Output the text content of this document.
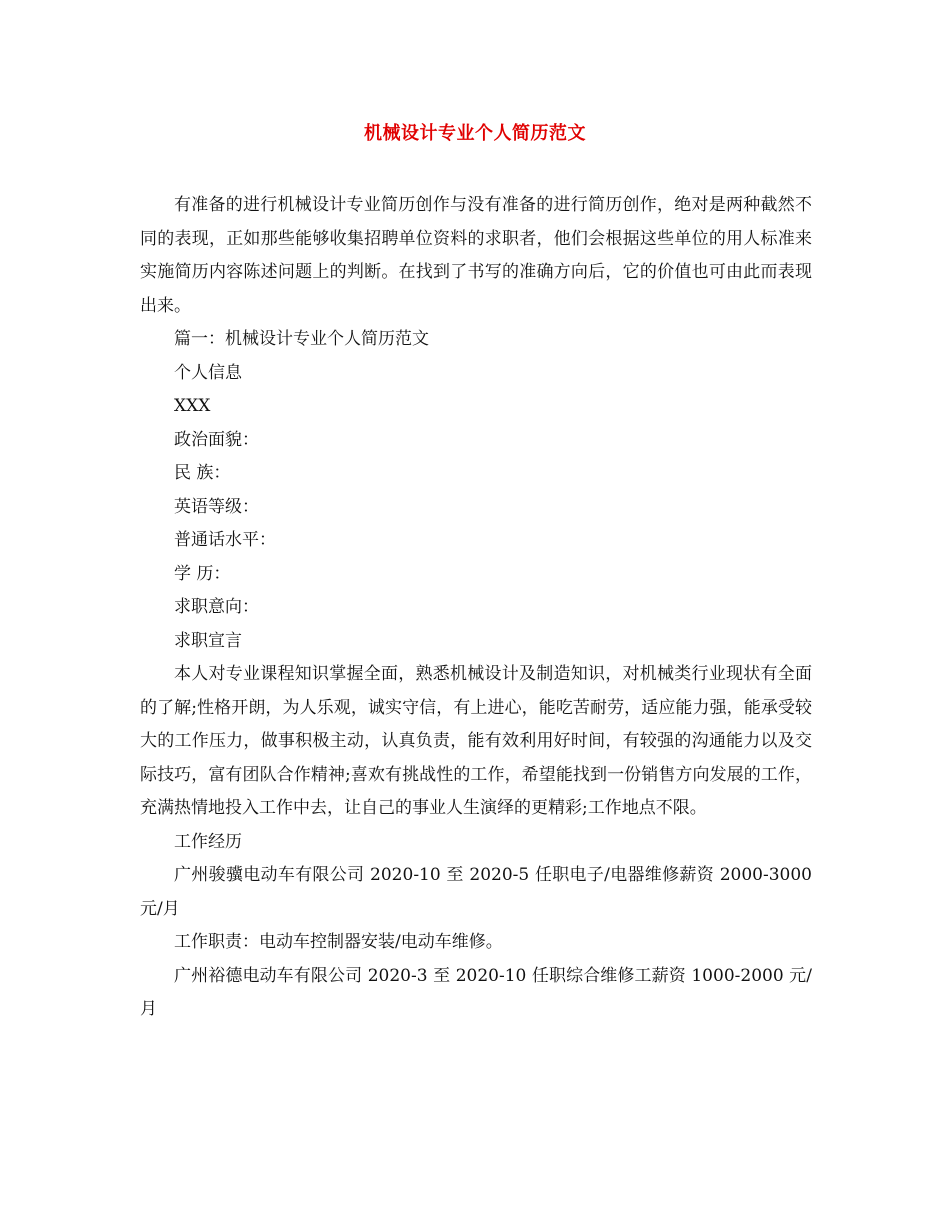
机械设计专业个人简历范文

有准备的进行机械设计专业简历创作与没有准备的进行简历创作，绝对是两种截然不同的表现，正如那些能够收集招聘单位资料的求职者，他们会根据这些单位的用人标准来实施简历内容陈述问题上的判断。在找到了书写的准确方向后，它的价值也可由此而表现出来。

篇一：机械设计专业个人简历范文

个人信息

XXX

政治面貌：

民 族：

英语等级：

普通话水平：

学 历：

求职意向：

求职宣言

本人对专业课程知识掌握全面，熟悉机械设计及制造知识，对机械类行业现状有全面的了解;性格开朗，为人乐观，诚实守信，有上进心，能吃苦耐劳，适应能力强，能承受较大的工作压力，做事积极主动，认真负责，能有效利用好时间，有较强的沟通能力以及交际技巧，富有团队合作精神;喜欢有挑战性的工作，希望能找到一份销售方向发展的工作，充满热情地投入工作中去，让自己的事业人生演绎的更精彩;工作地点不限。

工作经历

广州骏骥电动车有限公司 2020-10 至 2020-5 任职电子/电器维修薪资 2000-3000 元/月

工作职责：电动车控制器安装/电动车维修。

广州裕德电动车有限公司 2020-3 至 2020-10 任职综合维修工薪资 1000-2000 元/月
